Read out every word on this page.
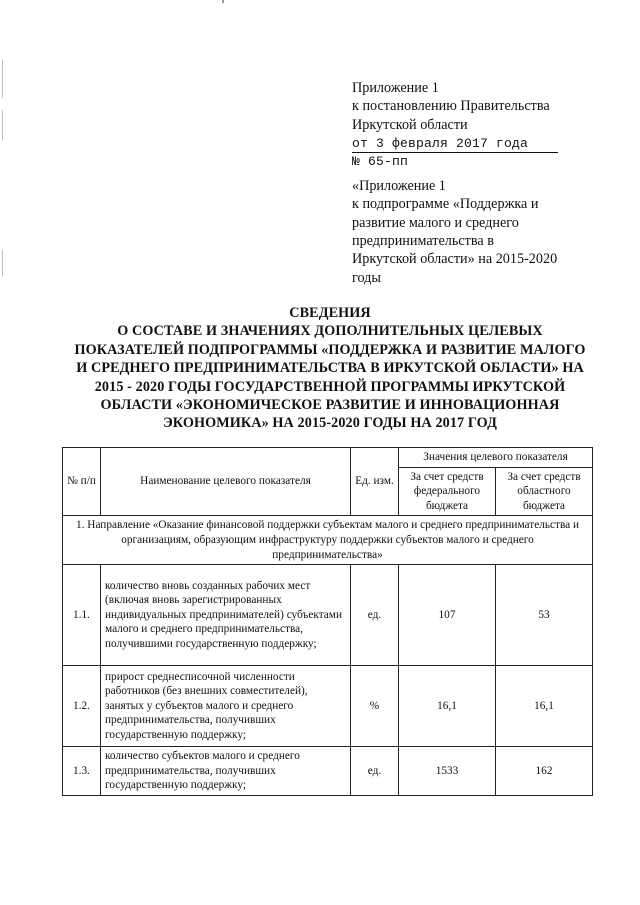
Приложение 1
к постановлению Правительства
Иркутской области
от 3 февраля 2017 года
№ 65-пп
«Приложение 1
к подпрограмме «Поддержка и
развитие малого и среднего
предпринимательства в
Иркутской области» на 2015-2020
годы
СВЕДЕНИЯ
О СОСТАВЕ И ЗНАЧЕНИЯХ ДОПОЛНИТЕЛЬНЫХ ЦЕЛЕВЫХ
ПОКАЗАТЕЛЕЙ ПОДПРОГРАММЫ «ПОДДЕРЖКА И РАЗВИТИЕ МАЛОГО
И СРЕДНЕГО ПРЕДПРИНИМАТЕЛЬСТВА В ИРКУТСКОЙ ОБЛАСТИ» НА
2015 - 2020 ГОДЫ ГОСУДАРСТВЕННОЙ ПРОГРАММЫ ИРКУТСКОЙ
ОБЛАСТИ «ЭКОНОМИЧЕСКОЕ РАЗВИТИЕ И ИННОВАЦИОННАЯ
ЭКОНОМИКА» НА 2015-2020 ГОДЫ НА 2017 ГОД
№ п/п	Наименование целевого показателя	Ед. изм.	Значения целевого показателя	
			За счет средств федерального бюджета	За счет средств областного бюджета
1. Направление «Оказание финансовой поддержки субъектам малого и среднего предпринимательства и организациям, образующим инфраструктуру поддержки субъектов малого и среднего предпринимательства»				
1.1.	количество вновь созданных рабочих мест (включая вновь зарегистрированных индивидуальных предпринимателей) субъектами малого и среднего предпринимательства, получившими государственную поддержку;	ед.	107	53
1.2.	прирост среднесписочной численности работников (без внешних совместителей), занятых у субъектов малого и среднего предпринимательства, получивших государственную поддержку;	%	16,1	16,1
1.3.	количество субъектов малого и среднего предпринимательства, получивших государственную поддержку;	ед.	1533	162
